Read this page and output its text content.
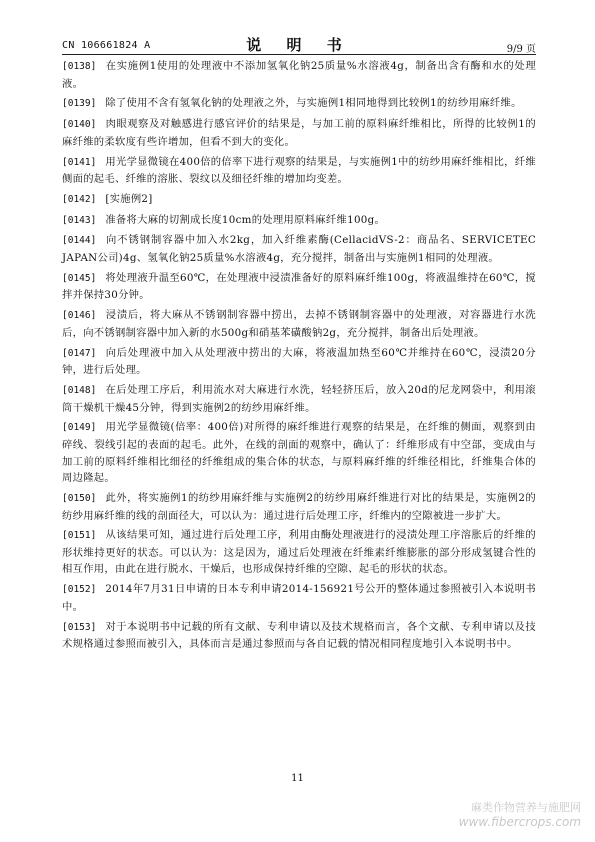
CN 106661824 A	说 明 书	9/9 页

[0138] 在实施例1使用的处理液中不添加氢氧化钠25质量%水溶液4g，制备出含有酶和水的处理液。

[0139] 除了使用不含有氢氧化钠的处理液之外，与实施例1相同地得到比较例1的纺纱用麻纤维。

[0140] 肉眼观察及对触感进行感官评价的结果是，与加工前的原料麻纤维相比，所得的比较例1的麻纤维的柔软度有些许增加，但看不到大的变化。

[0141] 用光学显微镜在400倍的倍率下进行观察的结果是，与实施例1中的纺纱用麻纤维相比，纤维侧面的起毛、纤维的溶胀、裂纹以及细径纤维的增加均变差。

[0142] [实施例2]

[0143] 准备将大麻的切割成长度10cm的处理用原料麻纤维100g。

[0144] 向不锈钢制容器中加入水2kg，加入纤维素酶(CellacidVS-2：商品名、SERVICETEC JAPAN公司)4g、氢氧化钠25质量%水溶液4g，充分搅拌，制备出与实施例1相同的处理液。

[0145] 将处理液升温至60℃，在处理液中浸渍准备好的原料麻纤维100g，将液温维持在60℃，搅拌并保持30分钟。

[0146] 浸渍后，将大麻从不锈钢制容器中捞出，去掉不锈钢制容器中的处理液，对容器进行水洗后，向不锈钢制容器中加入新的水500g和硝基苯磺酸钠2g，充分搅拌，制备出后处理液。

[0147] 向后处理液中加入从处理液中捞出的大麻，将液温加热至60℃并维持在60℃，浸渍20分钟，进行后处理。

[0148] 在后处理工序后，利用流水对大麻进行水洗，轻轻挤压后，放入20d的尼龙网袋中，利用滚筒干燥机干燥45分钟，得到实施例2的纺纱用麻纤维。

[0149] 用光学显微镜(倍率：400倍)对所得的麻纤维进行观察的结果是，在纤维的侧面，观察到由碎线、裂线引起的表面的起毛。此外，在线的剖面的观察中，确认了：纤维形成有中空部，变成由与加工前的原料纤维相比细径的纤维组成的集合体的状态，与原料麻纤维的纤维径相比，纤维集合体的周边隆起。

[0150] 此外，将实施例1的纺纱用麻纤维与实施例2的纺纱用麻纤维进行对比的结果是，实施例2的纺纱用麻纤维的线的剖面径大，可以认为：通过进行后处理工序，纤维内的空隙被进一步扩大。

[0151] 从该结果可知，通过进行后处理工序，利用由酶处理液进行的浸渍处理工序溶胀后的纤维的形状维持更好的状态。可以认为：这是因为，通过后处理液在纤维素纤维膨胀的部分形成氢键合性的相互作用，由此在进行脱水、干燥后，也形成保持纤维的空隙、起毛的形状的状态。

[0152] 2014年7月31日申请的日本专利申请2014-156921号公开的整体通过参照被引入本说明书中。

[0153] 对于本说明书中记载的所有文献、专利申请以及技术规格而言，各个文献、专利申请以及技术规格通过参照而被引入，具体而言是通过参照而与各自记载的情况相同程度地引入本说明书中。

11
麻类作物营养与施肥网
www.fibercrops.com
